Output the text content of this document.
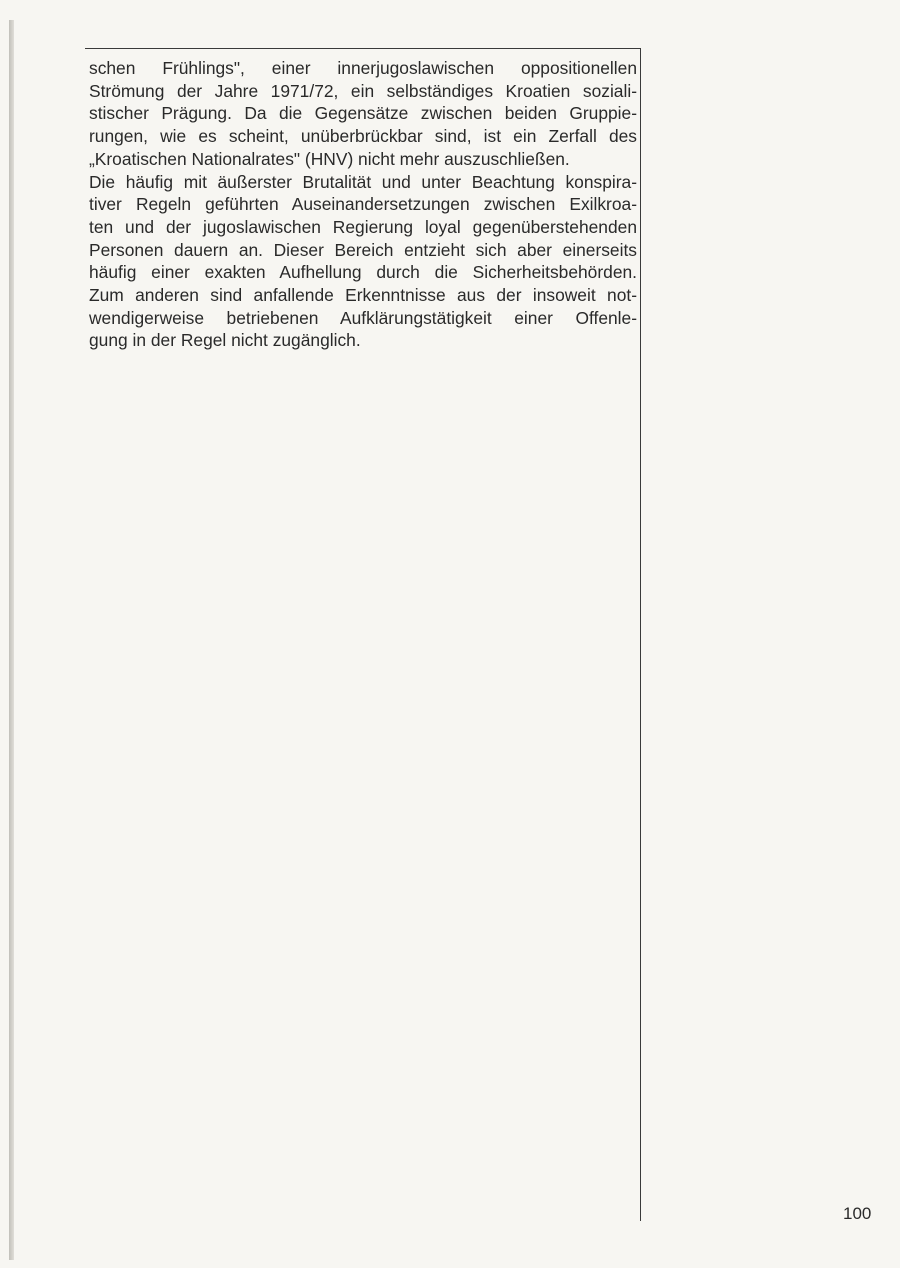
schen Frühlings", einer innerjugoslawischen oppositionellen
Strömung der Jahre 1971/72, ein selbständiges Kroatien soziali-
stischer Prägung. Da die Gegensätze zwischen beiden Gruppie-
rungen, wie es scheint, unüberbrückbar sind, ist ein Zerfall des
„Kroatischen Nationalrates" (HNV) nicht mehr auszuschließen.
Die häufig mit äußerster Brutalität und unter Beachtung konspira-
tiver Regeln geführten Auseinandersetzungen zwischen Exilkroa-
ten und der jugoslawischen Regierung loyal gegenüberstehenden
Personen dauern an. Dieser Bereich entzieht sich aber einerseits
häufig einer exakten Aufhellung durch die Sicherheitsbehörden.
Zum anderen sind anfallende Erkenntnisse aus der insoweit not-
wendigerweise betriebenen Aufklärungstätigkeit einer Offenle-
gung in der Regel nicht zugänglich.
100
